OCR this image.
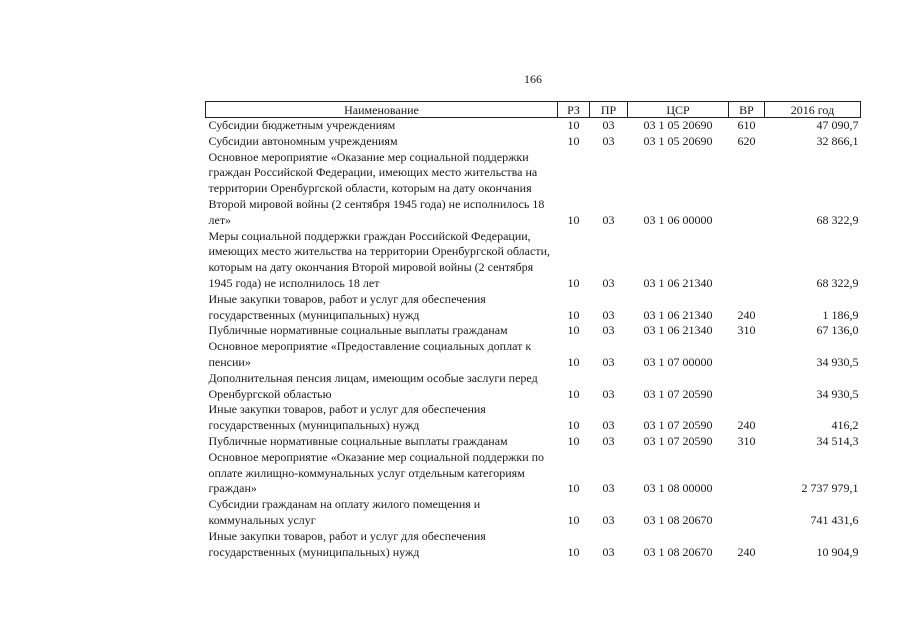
166
Наименование	РЗ	ПР	ЦСР	ВР	2016 год
Субсидии бюджетным учреждениям	10	03	03 1 05 20690	610	47 090,7
Субсидии автономным учреждениям	10	03	03 1 05 20690	620	32 866,1
Основное мероприятие «Оказание мер социальной поддержки граждан Российской Федерации, имеющих место жительства на территории Оренбургской области, которым на дату окончания Второй мировой войны (2 сентября 1945 года) не исполнилось 18 лет»	10	03	03 1 06 00000		68 322,9
Меры социальной поддержки граждан Российской Федерации, имеющих место жительства на территории Оренбургской области, которым на дату окончания Второй мировой войны (2 сентября 1945 года) не исполнилось 18 лет	10	03	03 1 06 21340		68 322,9
Иные закупки товаров, работ и услуг для обеспечения государственных (муниципальных) нужд	10	03	03 1 06 21340	240	1 186,9
Публичные нормативные социальные выплаты гражданам	10	03	03 1 06 21340	310	67 136,0
Основное мероприятие «Предоставление социальных доплат к пенсии»	10	03	03 1 07 00000		34 930,5
Дополнительная пенсия лицам, имеющим особые заслуги перед Оренбургской областью	10	03	03 1 07 20590		34 930,5
Иные закупки товаров, работ и услуг для обеспечения государственных (муниципальных) нужд	10	03	03 1 07 20590	240	416,2
Публичные нормативные социальные выплаты гражданам	10	03	03 1 07 20590	310	34 514,3
Основное мероприятие «Оказание мер социальной поддержки по оплате жилищно-коммунальных услуг отдельным категориям граждан»	10	03	03 1 08 00000		2 737 979,1
Субсидии гражданам на оплату жилого помещения и коммунальных услуг	10	03	03 1 08 20670		741 431,6
Иные закупки товаров, работ и услуг для обеспечения государственных (муниципальных) нужд	10	03	03 1 08 20670	240	10 904,9
